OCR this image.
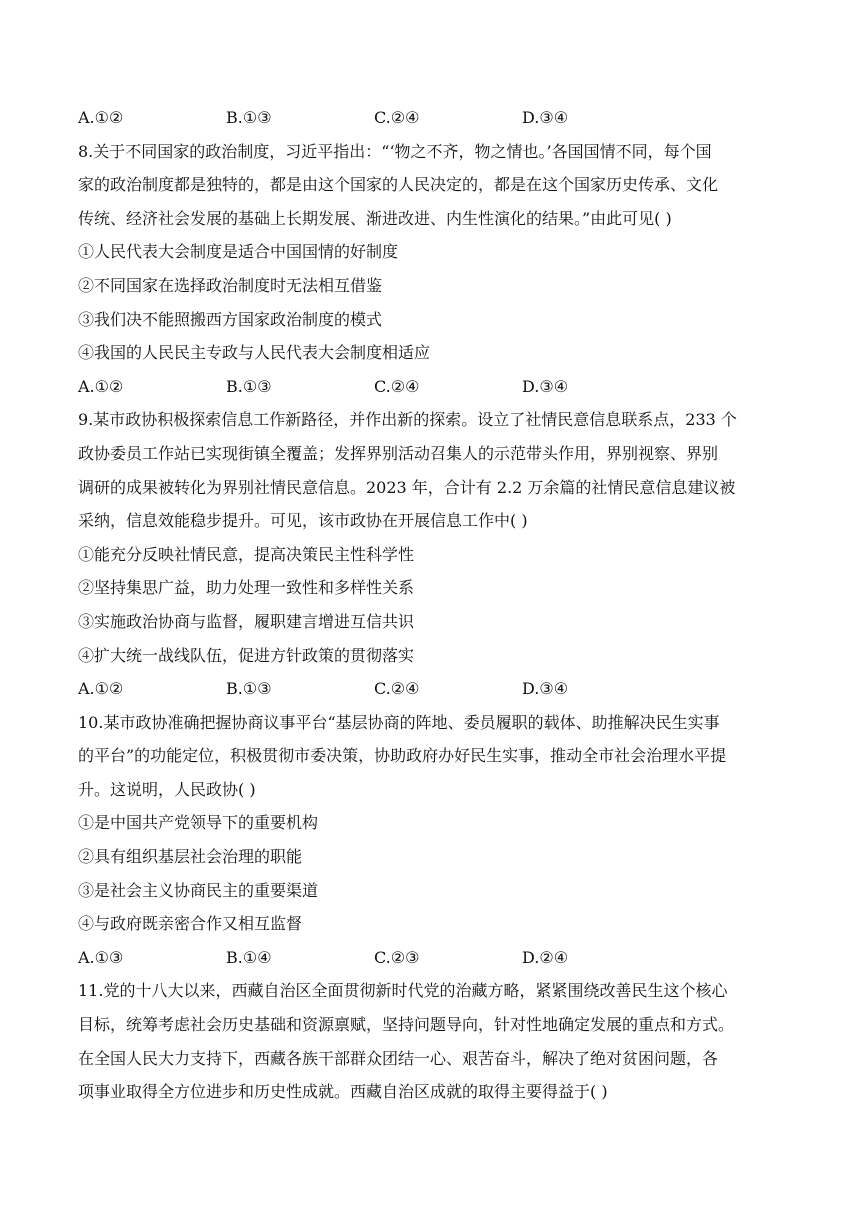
A.①②	B.①③	C.②④	D.③④
8.关于不同国家的政治制度，习近平指出：“‘物之不齐，物之情也。’各国国情不同，每个国
家的政治制度都是独特的，都是由这个国家的人民决定的，都是在这个国家历史传承、文化
传统、经济社会发展的基础上长期发展、渐进改进、内生性演化的结果。”由此可见( )
①人民代表大会制度是适合中国国情的好制度
②不同国家在选择政治制度时无法相互借鉴
③我们决不能照搬西方国家政治制度的模式
④我国的人民民主专政与人民代表大会制度相适应
A.①②	B.①③	C.②④	D.③④
9.某市政协积极探索信息工作新路径，并作出新的探索。设立了社情民意信息联系点，233 个
政协委员工作站已实现街镇全覆盖；发挥界别活动召集人的示范带头作用，界别视察、界别
调研的成果被转化为界别社情民意信息。2023 年，合计有 2.2 万余篇的社情民意信息建议被
采纳，信息效能稳步提升。可见，该市政协在开展信息工作中( )
①能充分反映社情民意，提高决策民主性科学性
②坚持集思广益，助力处理一致性和多样性关系
③实施政治协商与监督，履职建言增进互信共识
④扩大统一战线队伍，促进方针政策的贯彻落实
A.①②	B.①③	C.②④	D.③④
10.某市政协准确把握协商议事平台“基层协商的阵地、委员履职的载体、助推解决民生实事
的平台”的功能定位，积极贯彻市委决策，协助政府办好民生实事，推动全市社会治理水平提
升。这说明，人民政协( )
①是中国共产党领导下的重要机构
②具有组织基层社会治理的职能
③是社会主义协商民主的重要渠道
④与政府既亲密合作又相互监督
A.①③	B.①④	C.②③	D.②④
11.党的十八大以来，西藏自治区全面贯彻新时代党的治藏方略，紧紧围绕改善民生这个核心
目标，统筹考虑社会历史基础和资源禀赋，坚持问题导向，针对性地确定发展的重点和方式。
在全国人民大力支持下，西藏各族干部群众团结一心、艰苦奋斗，解决了绝对贫困问题，各
项事业取得全方位进步和历史性成就。西藏自治区成就的取得主要得益于( )
